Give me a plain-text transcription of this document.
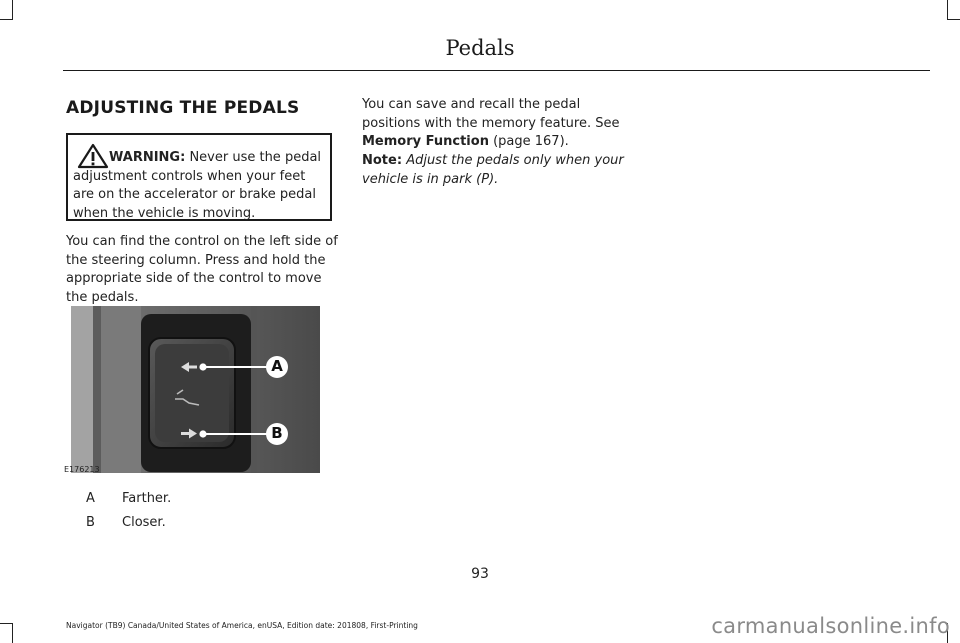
Pedals
ADJUSTING THE PEDALS
WARNING: Never use the pedal adjustment controls when your feet are on the accelerator or brake pedal when the vehicle is moving.

You can find the control on the left side of the steering column. Press and hold the appropriate side of the control to move the pedals.

A
B
E176213
A Farther.
B Closer.

You can save and recall the pedal positions with the memory feature. See Memory Function (page 167).

Note: Adjust the pedals only when your vehicle is in park (P).

93
Navigator (TB9) Canada/United States of America, enUSA, Edition date: 201808, First-Printing	carmanualsonline.info
